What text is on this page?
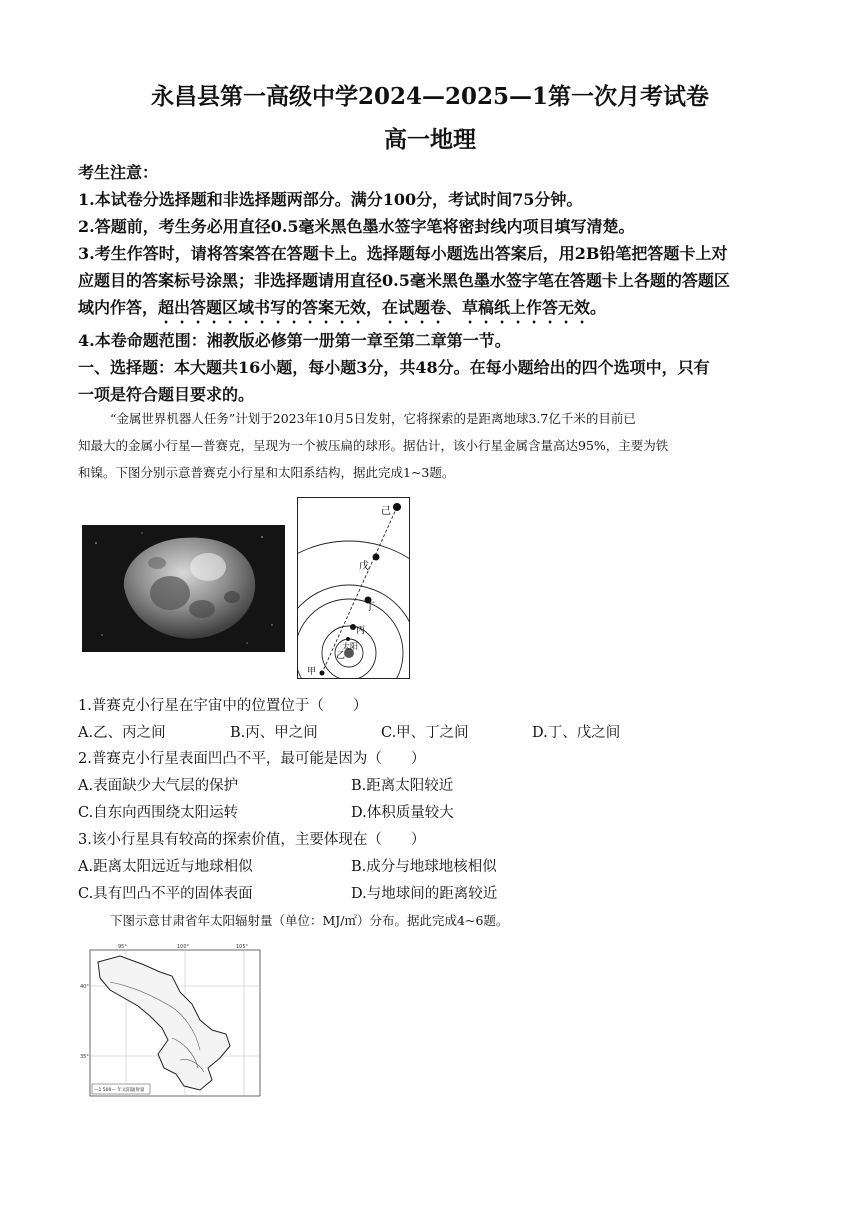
永昌县第一高级中学2024—2025—1第一次月考试卷
高一地理
考生注意：
1.本试卷分选择题和非选择题两部分。满分100分，考试时间75分钟。
2.答题前，考生务必用直径0.5毫米黑色墨水签字笔将密封线内项目填写清楚。
3.考生作答时，请将答案答在答题卡上。选择题每小题选出答案后，用2B铅笔把答题卡上对
应题目的答案标号涂黑；非选择题请用直径0.5毫米黑色墨水签字笔在答题卡上各题的答题区
域内作答，超出答题区域书写的答案无效，在试题卷、草稿纸上作答无效。
4.本卷命题范围：湘教版必修第一册第一章至第二章第一节。
一、选择题：本大题共16小题，每小题3分，共48分。在每小题给出的四个选项中，只有
一项是符合题目要求的。
“金属世界机器人任务”计划于2023年10月5日发射，它将探索的是距离地球3.7亿千米的目前已
知最大的金属小行星—普赛克，呈现为一个被压扁的球形。据估计，该小行星金属含量高达95%，主要为铁
和镍。下图分别示意普赛克小行星和太阳系结构，据此完成1~3题。
己
戊
丁
丙
乙
太阳
甲
1.普赛克小行星在宇宙中的位置位于（　　）
A.乙、丙之间	B.丙、甲之间	C.甲、丁之间	D.丁、戊之间
2.普赛克小行星表面凹凸不平，最可能是因为（　　）
A.表面缺少大气层的保护	B.距离太阳较近
C.自东向西围绕太阳运转	D.体积质量较大
3.该小行星具有较高的探索价值，主要体现在（　　）
A.距离太阳远近与地球相似	B.成分与地球地核相似
C.具有凹凸不平的固体表面	D.与地球间的距离较近
下图示意甘肃省年太阳辐射量（单位：MJ/㎡）分布。据此完成4~6题。
95°	100°	105°
40°
35°
—1 500— 年太阳辐射量
